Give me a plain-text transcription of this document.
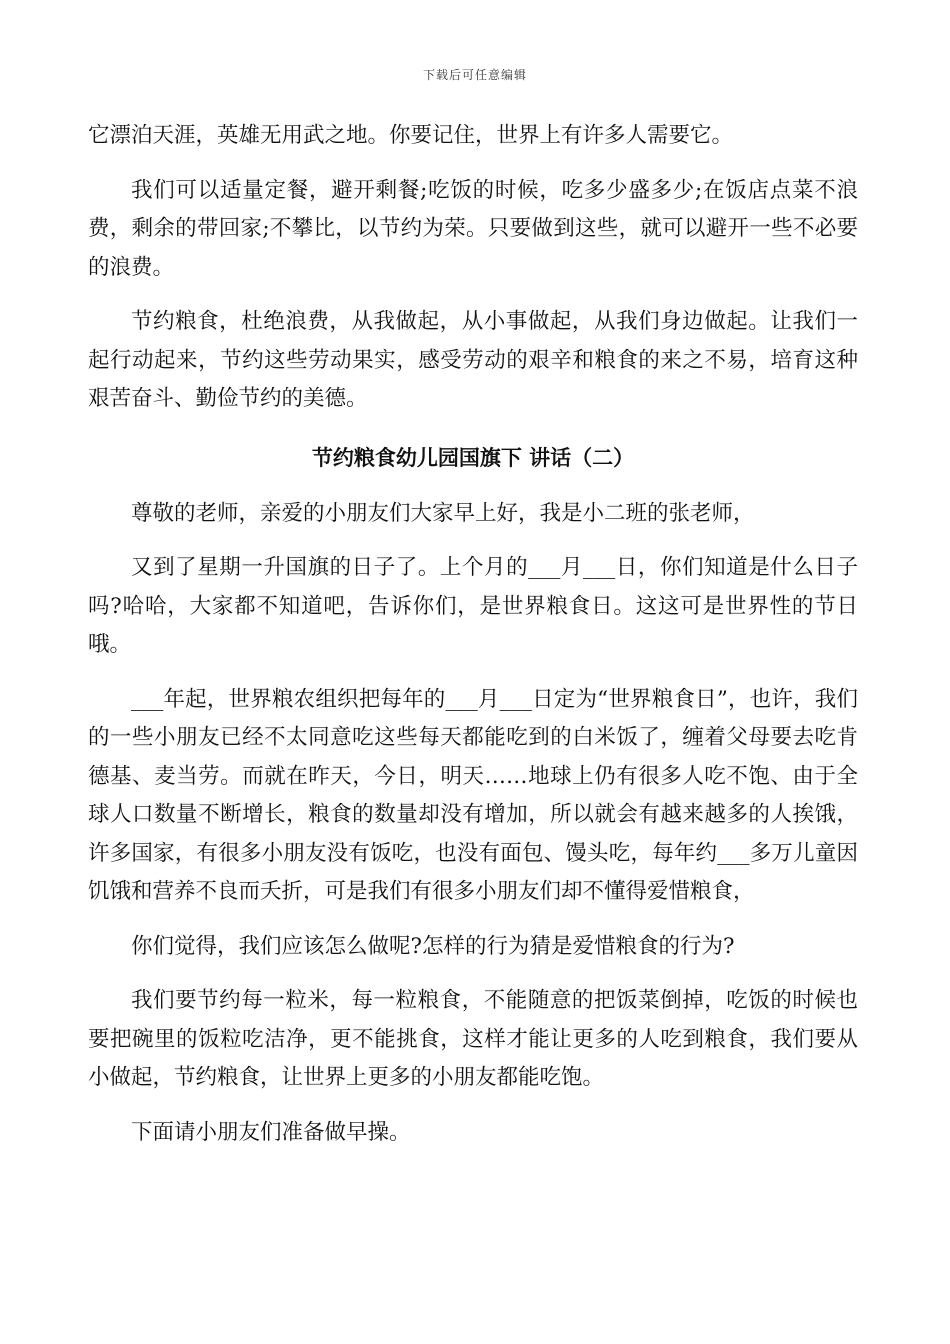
下载后可任意编辑

它漂泊天涯，英雄无用武之地。你要记住，世界上有许多人需要它。

我们可以适量定餐，避开剩餐;吃饭的时候，吃多少盛多少;在饭店点菜不浪费，剩余的带回家;不攀比，以节约为荣。只要做到这些，就可以避开一些不必要的浪费。

节约粮食，杜绝浪费，从我做起，从小事做起，从我们身边做起。让我们一起行动起来，节约这些劳动果实，感受劳动的艰辛和粮食的来之不易，培育这种艰苦奋斗、勤俭节约的美德。

节约粮食幼儿园国旗下 讲话（二）

尊敬的老师，亲爱的小朋友们大家早上好，我是小二班的张老师，

又到了星期一升国旗的日子了。上个月的___月___日，你们知道是什么日子吗?哈哈，大家都不知道吧，告诉你们，是世界粮食日。这这可是世界性的节日哦。

___年起，世界粮农组织把每年的___月___日定为“世界粮食日”，也许，我们的一些小朋友已经不太同意吃这些每天都能吃到的白米饭了，缠着父母要去吃肯德基、麦当劳。而就在昨天，今日，明天……地球上仍有很多人吃不饱、由于全球人口数量不断增长，粮食的数量却没有增加，所以就会有越来越多的人挨饿，许多国家，有很多小朋友没有饭吃，也没有面包、馒头吃，每年约___多万儿童因饥饿和营养不良而夭折，可是我们有很多小朋友们却不懂得爱惜粮食，

你们觉得，我们应该怎么做呢?怎样的行为猜是爱惜粮食的行为?

我们要节约每一粒米，每一粒粮食，不能随意的把饭菜倒掉，吃饭的时候也要把碗里的饭粒吃洁净，更不能挑食，这样才能让更多的人吃到粮食，我们要从小做起，节约粮食，让世界上更多的小朋友都能吃饱。

下面请小朋友们准备做早操。
